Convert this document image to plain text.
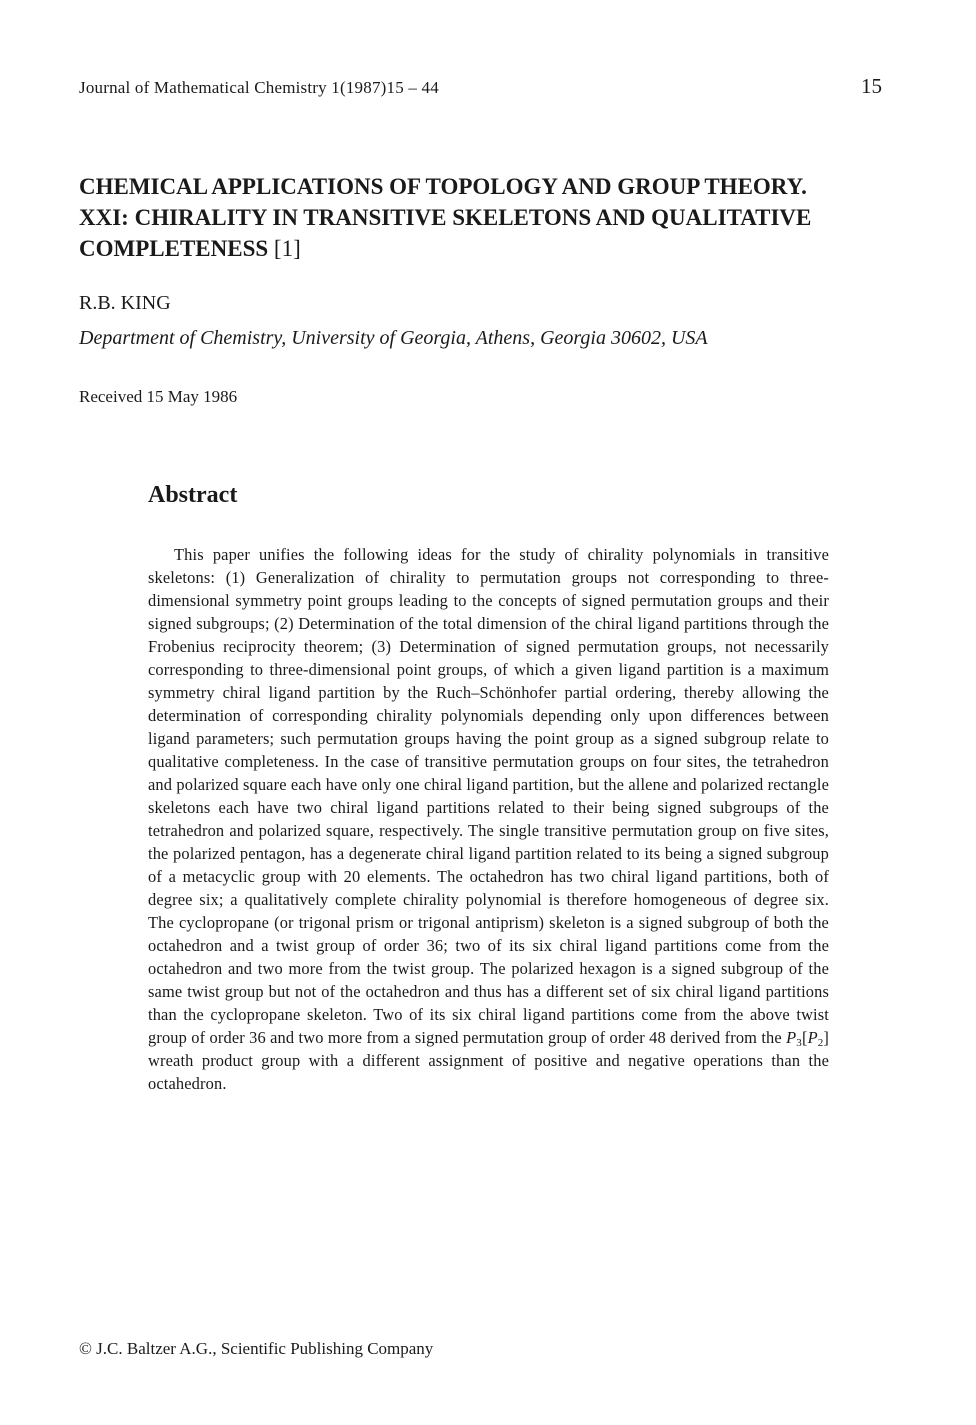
Journal of Mathematical Chemistry 1(1987)15 – 44	15
CHEMICAL APPLICATIONS OF TOPOLOGY AND GROUP THEORY.
XXI: CHIRALITY IN TRANSITIVE SKELETONS AND QUALITATIVE
COMPLETENESS [1]
R.B. KING
Department of Chemistry, University of Georgia, Athens, Georgia 30602, USA
Received 15 May 1986
Abstract

This paper unifies the following ideas for the study of chirality polynomials in transitive skeletons: (1) Generalization of chirality to permutation groups not corresponding to three-dimensional symmetry point groups leading to the concepts of signed permutation groups and their signed subgroups; (2) Determination of the total dimension of the chiral ligand partitions through the Frobenius reciprocity theorem; (3) Determination of signed permutation groups, not necessarily corresponding to three-dimensional point groups, of which a given ligand partition is a maximum symmetry chiral ligand partition by the Ruch–Schönhofer partial ordering, thereby allowing the determination of corresponding chirality polynomials depending only upon differences between ligand parameters; such permutation groups having the point group as a signed subgroup relate to qualitative completeness. In the case of transitive permutation groups on four sites, the tetrahedron and polarized square each have only one chiral ligand partition, but the allene and polarized rectangle skeletons each have two chiral ligand partitions related to their being signed subgroups of the tetrahedron and polarized square, respectively. The single transitive permutation group on five sites, the polarized pentagon, has a degenerate chiral ligand partition related to its being a signed subgroup of a metacyclic group with 20 elements. The octahedron has two chiral ligand partitions, both of degree six; a qualitatively complete chirality polynomial is therefore homogeneous of degree six. The cyclopropane (or trigonal prism or trigonal antiprism) skeleton is a signed subgroup of both the octahedron and a twist group of order 36; two of its six chiral ligand partitions come from the octahedron and two more from the twist group. The polarized hexagon is a signed subgroup of the same twist group but not of the octahedron and thus has a different set of six chiral ligand partitions than the cyclopropane skeleton. Two of its six chiral ligand partitions come from the above twist group of order 36 and two more from a signed permutation group of order 48 derived from the $P_3[P_2]$ wreath product group with a different assignment of positive and negative operations than the octahedron.

© J.C. Baltzer A.G., Scientific Publishing Company
